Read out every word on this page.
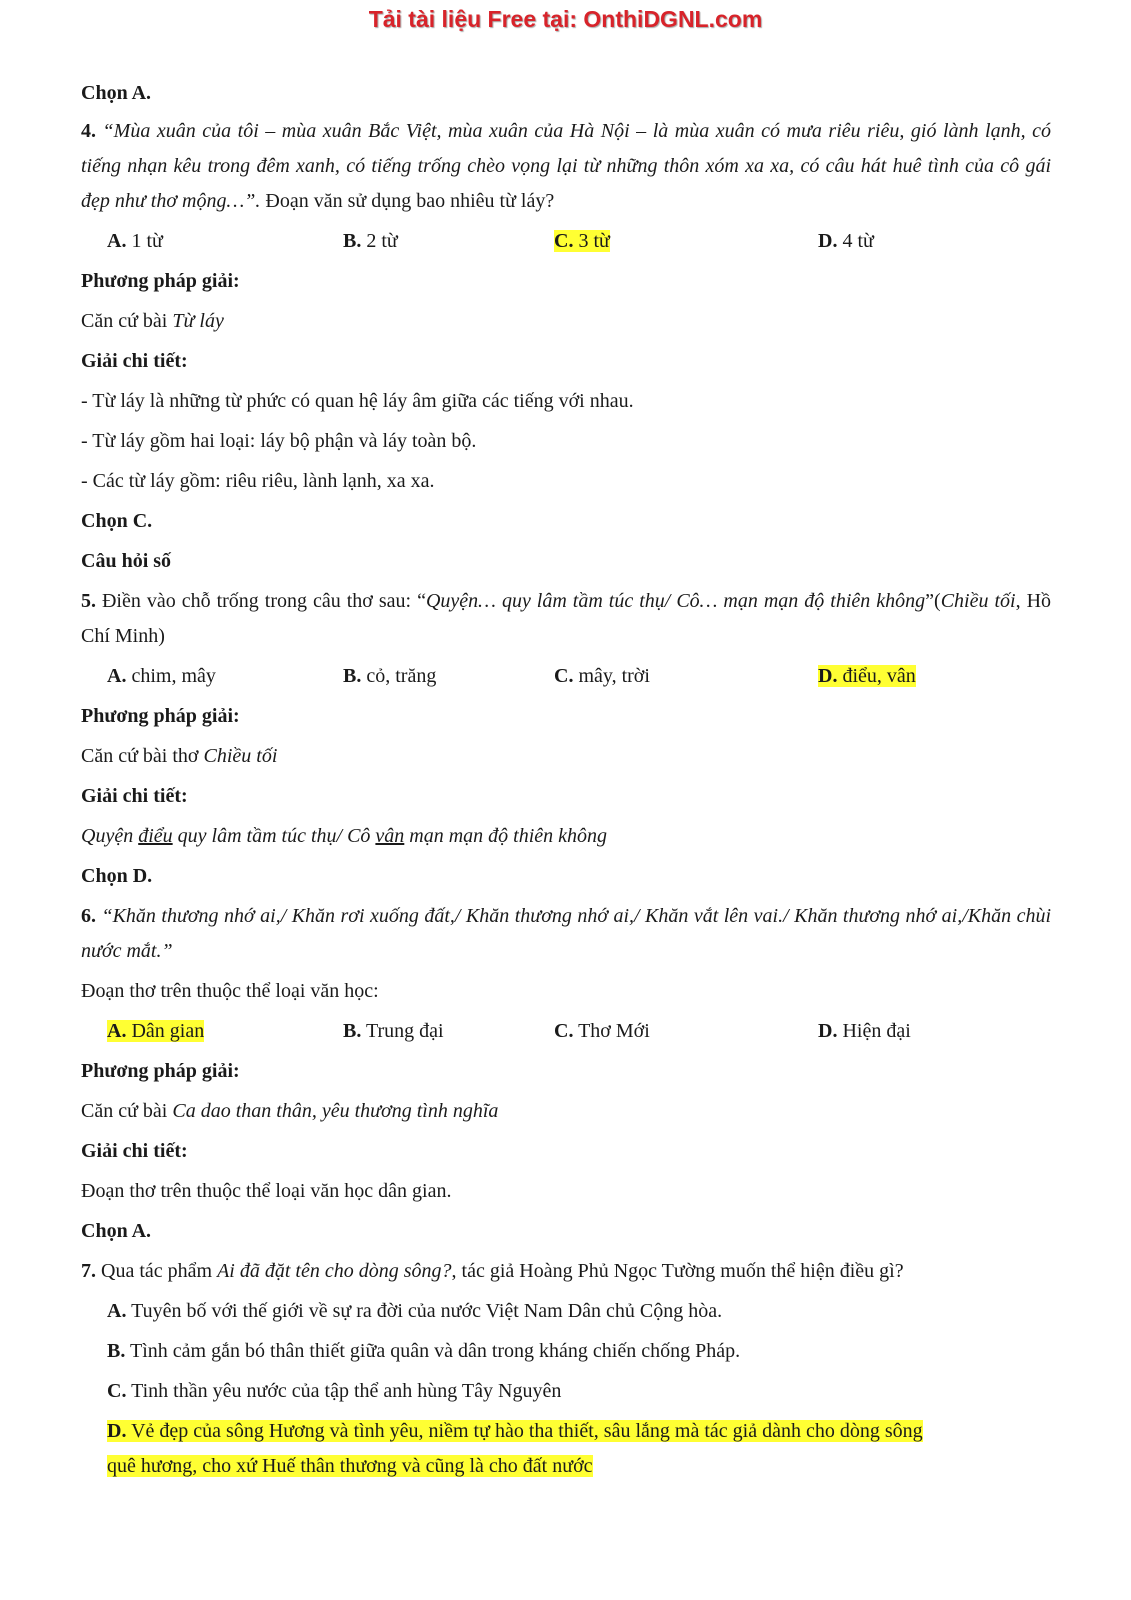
Tải tài liệu Free tại: OnthiDGNL.com
Chọn A.
4. “Mùa xuân của tôi – mùa xuân Bắc Việt, mùa xuân của Hà Nội – là mùa xuân có mưa riêu riêu, gió lành lạnh, có tiếng nhạn kêu trong đêm xanh, có tiếng trống chèo vọng lại từ những thôn xóm xa xa, có câu hát huê tình của cô gái đẹp như thơ mộng…”. Đoạn văn sử dụng bao nhiêu từ láy?
A. 1 từ	B. 2 từ	C. 3 từ	D. 4 từ
Phương pháp giải:
Căn cứ bài Từ láy
Giải chi tiết:
- Từ láy là những từ phức có quan hệ láy âm giữa các tiếng với nhau.
- Từ láy gồm hai loại: láy bộ phận và láy toàn bộ.
- Các từ láy gồm: riêu riêu, lành lạnh, xa xa.
Chọn C.
Câu hỏi số
5. Điền vào chỗ trống trong câu thơ sau: “Quyện… quy lâm tầm túc thụ/ Cô… mạn mạn độ thiên không”(Chiều tối, Hồ Chí Minh)
A. chim, mây	B. cỏ, trăng	C. mây, trời	D. điểu, vân
Phương pháp giải:
Căn cứ bài thơ Chiều tối
Giải chi tiết:
Quyện điểu quy lâm tầm túc thụ/ Cô vân mạn mạn độ thiên không
Chọn D.
6. “Khăn thương nhớ ai,/ Khăn rơi xuống đất,/ Khăn thương nhớ ai,/ Khăn vắt lên vai./ Khăn thương nhớ ai,/Khăn chùi nước mắt.”
Đoạn thơ trên thuộc thể loại văn học:
A. Dân gian	B. Trung đại	C. Thơ Mới	D. Hiện đại
Phương pháp giải:
Căn cứ bài Ca dao than thân, yêu thương tình nghĩa
Giải chi tiết:
Đoạn thơ trên thuộc thể loại văn học dân gian.
Chọn A.
7. Qua tác phẩm Ai đã đặt tên cho dòng sông?, tác giả Hoàng Phủ Ngọc Tường muốn thể hiện điều gì?
A. Tuyên bố với thế giới về sự ra đời của nước Việt Nam Dân chủ Cộng hòa.
B. Tình cảm gắn bó thân thiết giữa quân và dân trong kháng chiến chống Pháp.
C. Tinh thần yêu nước của tập thể anh hùng Tây Nguyên
D. Vẻ đẹp của sông Hương và tình yêu, niềm tự hào tha thiết, sâu lắng mà tác giả dành cho dòng sông
quê hương, cho xứ Huế thân thương và cũng là cho đất nước
